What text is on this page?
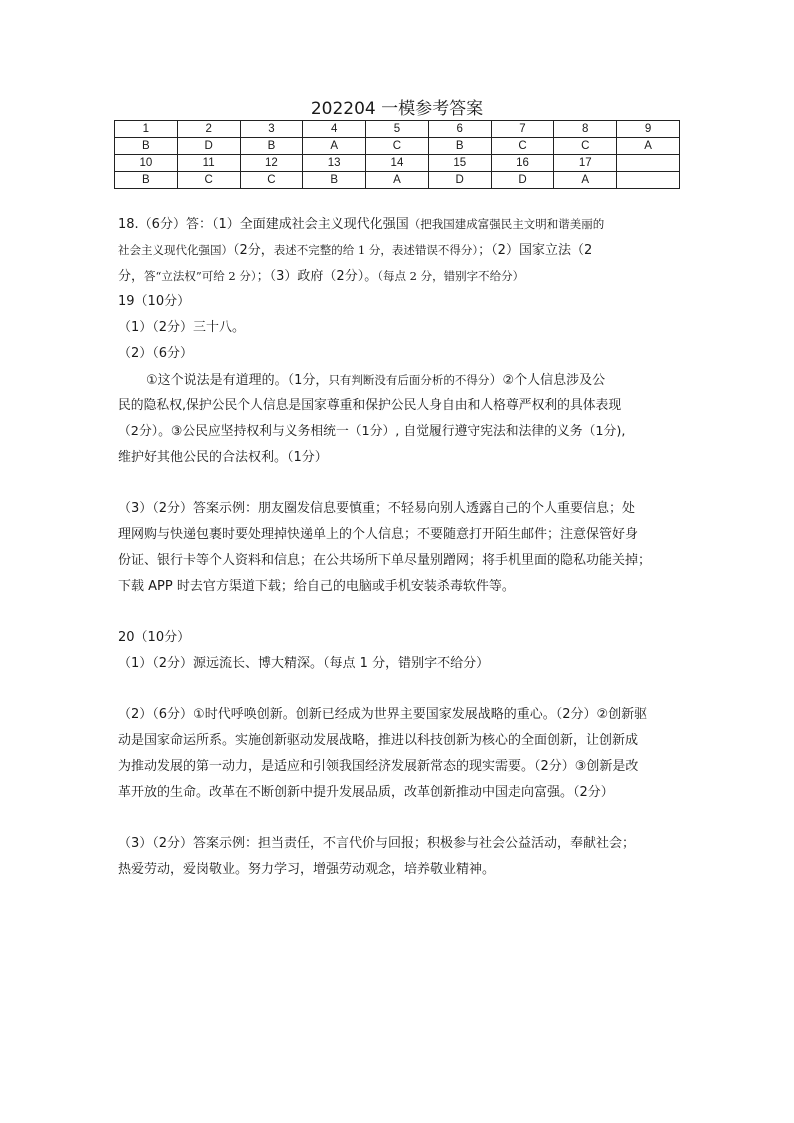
202204 一模参考答案
1	2	3	4	5	6	7	8	9
B	D	B	A	C	B	C	C	A
10	11	12	13	14	15	16	17	
B	C	C	B	A	D	D	A	
18.（6分）答：（1）全面建成社会主义现代化强国（把我国建成富强民主文明和谐美丽的
社会主义现代化强国）（2分，表述不完整的给 1 分，表述错误不得分）；（2）国家立法（2
分，答“立法权”可给 2 分）；（3）政府（2分）。（每点 2 分，错别字不给分）
19（10分）
（1）（2分）三十八。
（2）（6分）
①这个说法是有道理的。（1分，只有判断没有后面分析的不得分）②个人信息涉及公
民的隐私权,保护公民个人信息是国家尊重和保护公民人身自由和人格尊严权利的具体表现
（2分）。③公民应坚持权利与义务相统一（1分）, 自觉履行遵守宪法和法律的义务（1分),
维护好其他公民的合法权利。（1分）
（3）（2分）答案示例：朋友圈发信息要慎重；不轻易向别人透露自己的个人重要信息；处
理网购与快递包裹时要处理掉快递单上的个人信息；不要随意打开陌生邮件；注意保管好身
份证、银行卡等个人资料和信息；在公共场所下单尽量别蹭网；将手机里面的隐私功能关掉；
下载 APP 时去官方渠道下载；给自己的电脑或手机安装杀毒软件等。
20（10分）
（1）（2分）源远流长、博大精深。（每点 1 分，错别字不给分）
（2）（6分）①时代呼唤创新。创新已经成为世界主要国家发展战略的重心。（2分）②创新驱
动是国家命运所系。实施创新驱动发展战略，推进以科技创新为核心的全面创新，让创新成
为推动发展的第一动力，是适应和引领我国经济发展新常态的现实需要。（2分）③创新是改
革开放的生命。改革在不断创新中提升发展品质，改革创新推动中国走向富强。（2分）
（3）（2分）答案示例：担当责任，不言代价与回报；积极参与社会公益活动，奉献社会；
热爱劳动，爱岗敬业。努力学习，增强劳动观念，培养敬业精神。
